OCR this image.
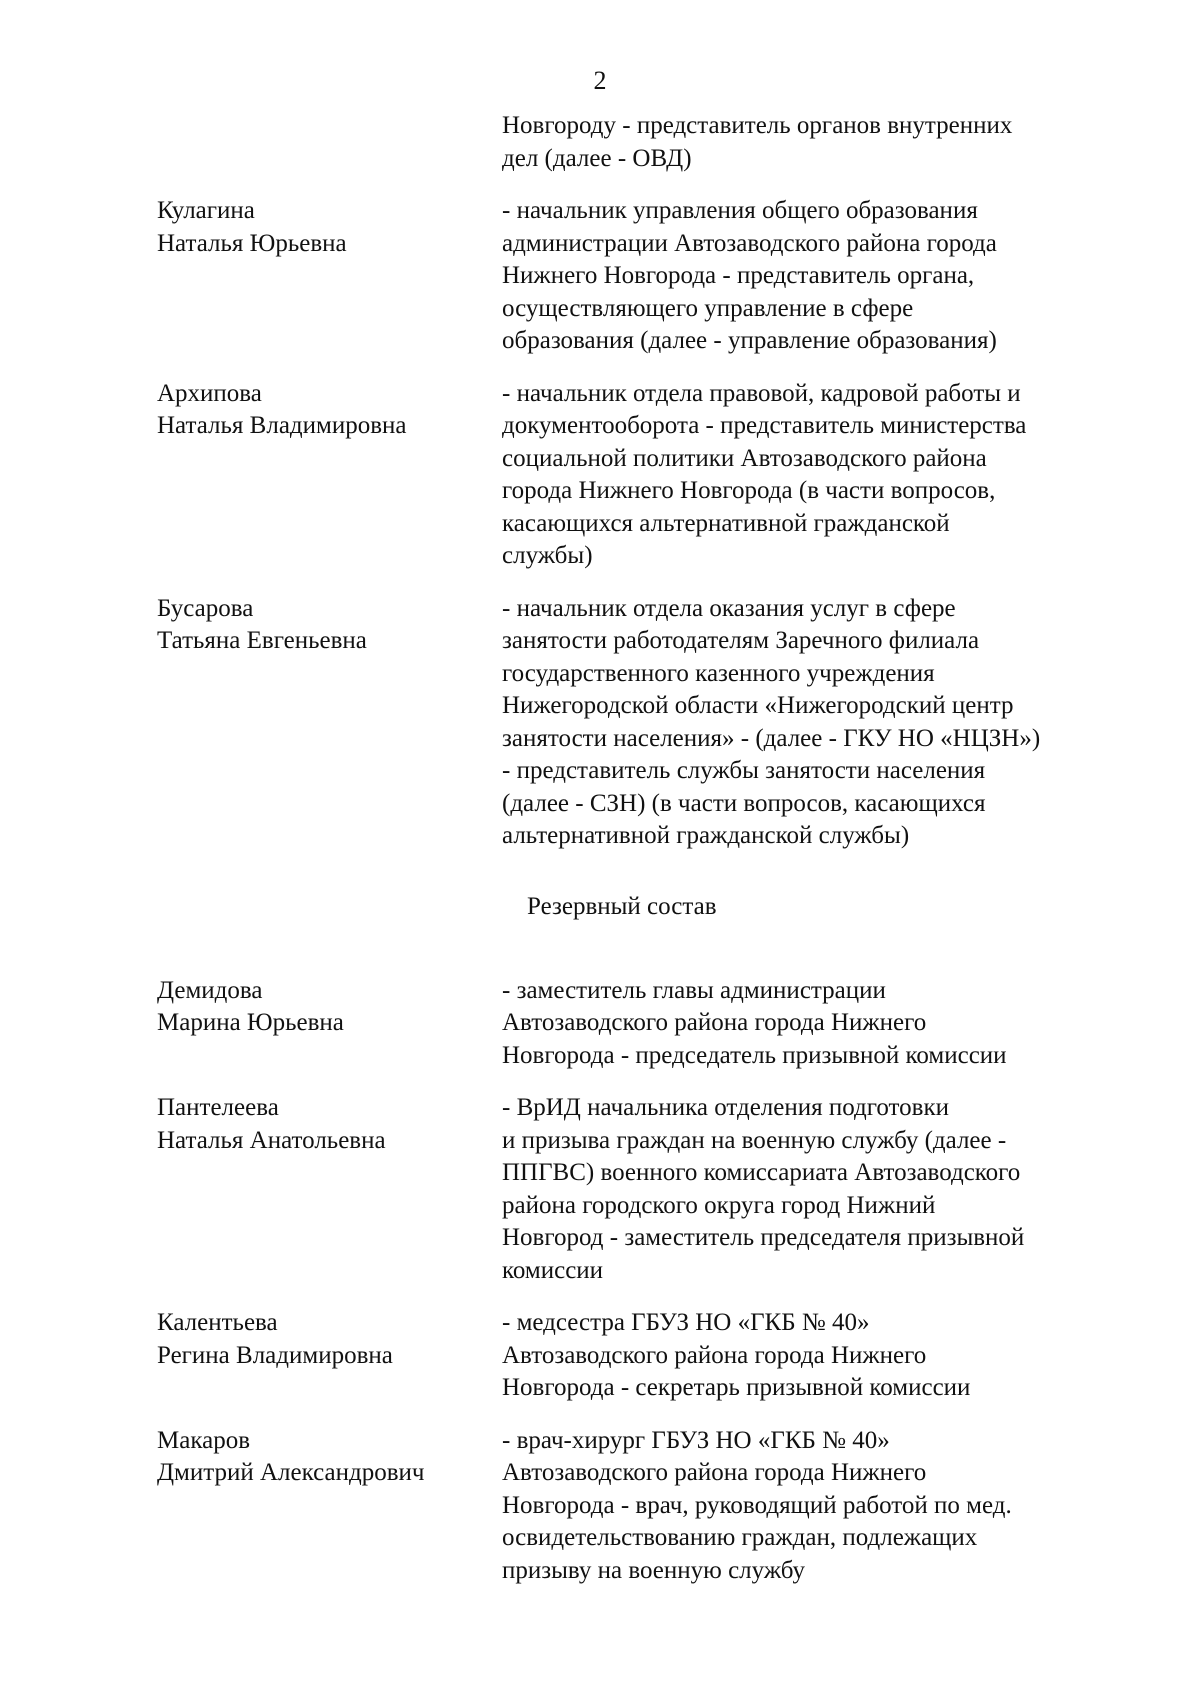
2
Новгороду - представитель органов внутренних
дел (далее - ОВД)
Кулагина
Наталья Юрьевна
- начальник управления общего образования
администрации Автозаводского района города
Нижнего Новгорода - представитель органа,
осуществляющего управление в сфере
образования (далее - управление образования)
Архипова
Наталья Владимировна
- начальник отдела правовой, кадровой работы и
документооборота - представитель министерства
социальной политики Автозаводского района
города Нижнего Новгорода (в части вопросов,
касающихся альтернативной гражданской
службы)
Бусарова
Татьяна Евгеньевна
- начальник отдела оказания услуг в сфере
занятости работодателям Заречного филиала
государственного казенного учреждения
Нижегородской области «Нижегородский центр
занятости населения» - (далее - ГКУ НО «НЦЗН»)
- представитель службы занятости населения
(далее - СЗН) (в части вопросов, касающихся
альтернативной гражданской службы)
Резервный состав
Демидова
Марина Юрьевна
- заместитель главы администрации
Автозаводского района города Нижнего
Новгорода - председатель призывной комиссии
Пантелеева
Наталья Анатольевна
- ВрИД начальника отделения подготовки
и призыва граждан на военную службу (далее -
ППГВС) военного комиссариата Автозаводского
района городского округа город Нижний
Новгород - заместитель председателя призывной
комиссии
Калентьева
Регина Владимировна
- медсестра ГБУЗ НО «ГКБ № 40»
Автозаводского района города Нижнего
Новгорода - секретарь призывной комиссии
Макаров
Дмитрий Александрович
- врач-хирург ГБУЗ НО «ГКБ № 40»
Автозаводского района города Нижнего
Новгорода - врач, руководящий работой по мед.
освидетельствованию граждан, подлежащих
призыву на военную службу
